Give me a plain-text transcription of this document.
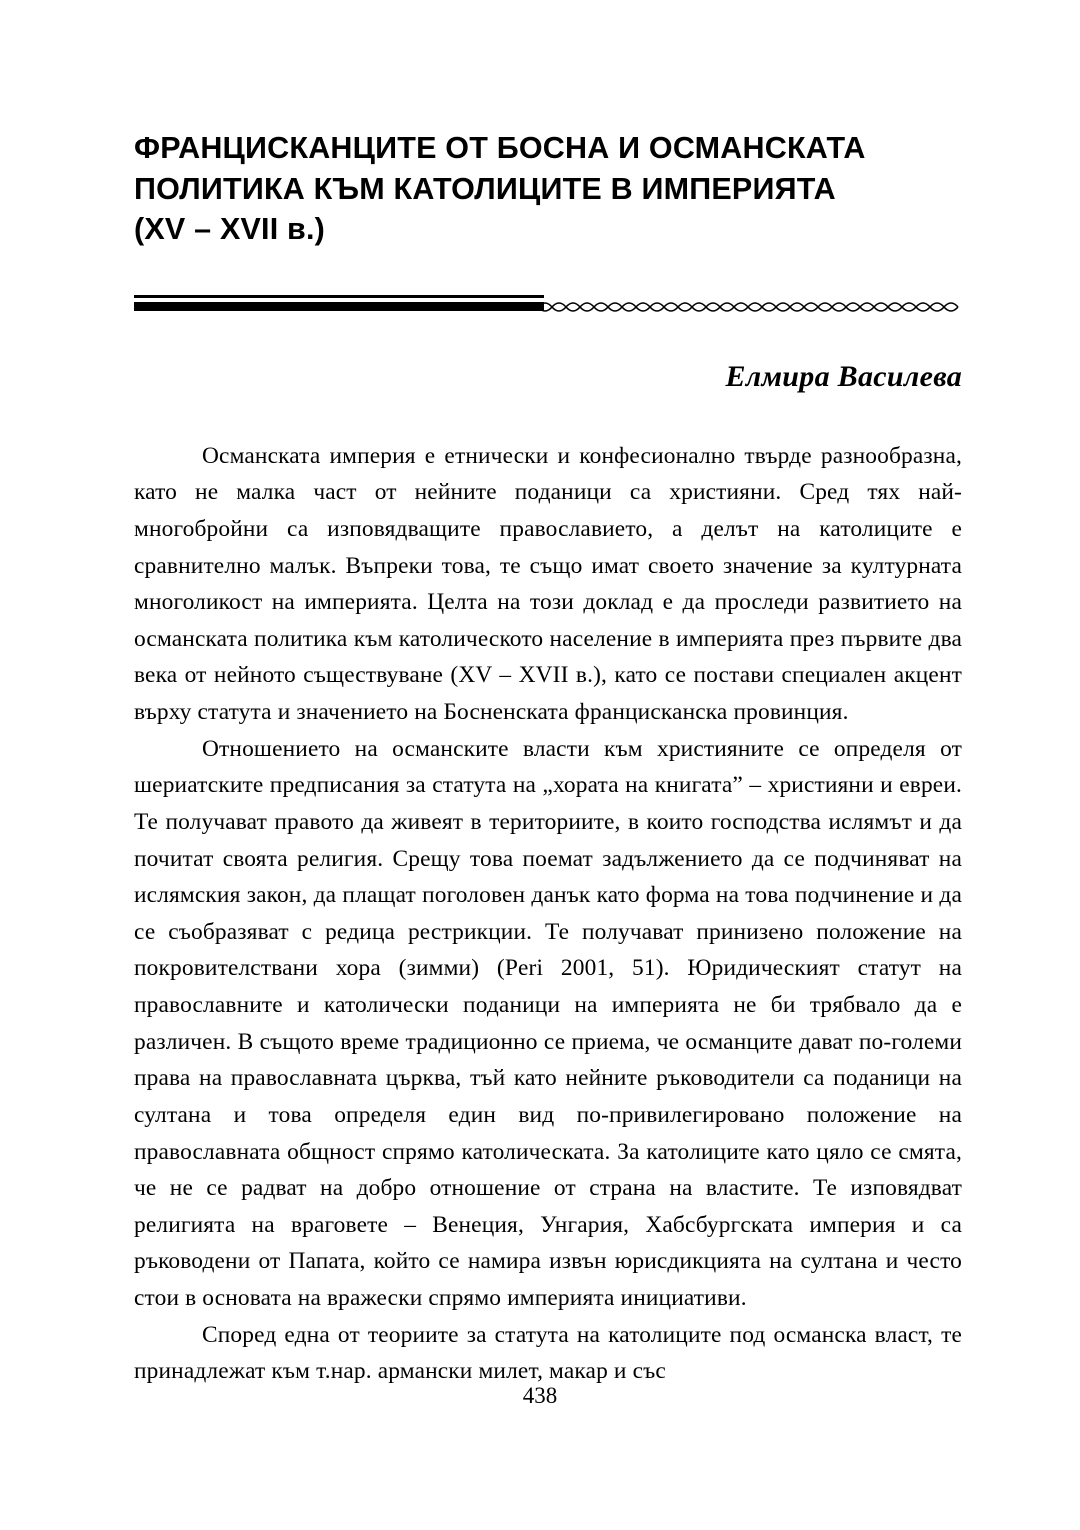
ФРАНЦИСКАНЦИТЕ ОТ БОСНА И ОСМАНСКАТА
ПОЛИТИКА КЪМ КАТОЛИЦИТЕ В ИМПЕРИЯТА
(XV – XVII в.)
Елмира Василева

Османската империя е етнически и конфесионално твърде разнообразна, като не малка част от нейните поданици са християни. Сред тях най-многобройни са изповядващите православието, а делът на католиците е сравнително малък. Въпреки това, те също имат своето значение за културната многоликост на империята. Целта на този доклад е да проследи развитието на османската политика към католическото население в империята през първите два века от нейното съществуване (XV – XVII в.), като се постави специален акцент върху статута и значението на Босненската францисканска провинция.

Отношението на османските власти към християните се определя от шериатските предписания за статута на „хората на книгата” – християни и евреи. Те получават правото да живеят в териториите, в които господства ислямът и да почитат своята религия. Срещу това поемат задължението да се подчиняват на ислямския закон, да плащат поголовен данък като форма на това подчинение и да се съобразяват с редица рестрикции. Те получават принизено положение на покровителствани хора (зимми) (Peri 2001, 51). Юридическият статут на православните и католически поданици на империята не би трябвало да е различен. В същото време традиционно се приема, че османците дават по-големи права на православната църква, тъй като нейните ръководители са поданици на султана и това определя един вид по-привилегировано положение на православната общност спрямо католическата. За католиците като цяло се смята, че не се радват на добро отношение от страна на властите. Те изповядват религията на враговете – Венеция, Унгария, Хабсбургската империя и са ръководени от Папата, който се намира извън юрисдикцията на султана и често стои в основата на вражески спрямо империята инициативи.

Според една от теориите за статута на католиците под османска власт, те принадлежат към т.нар. армански милет, макар и със

438
